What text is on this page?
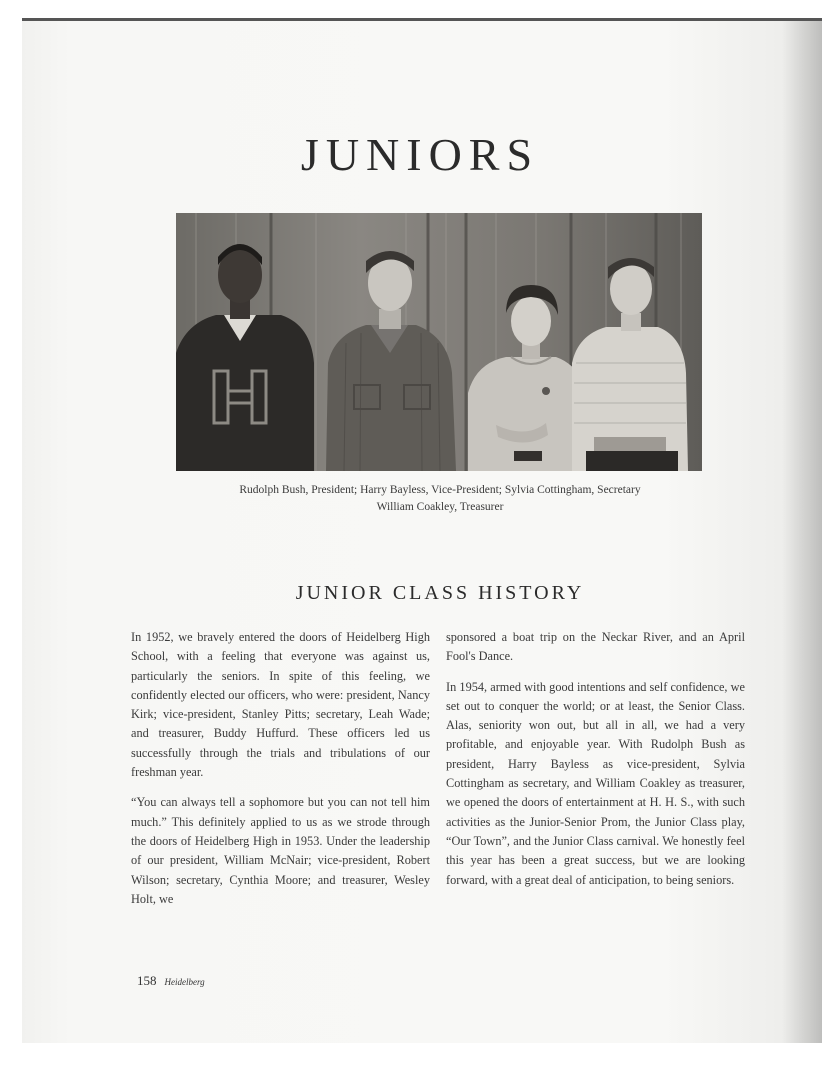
JUNIORS
Rudolph Bush, President; Harry Bayless, Vice-President; Sylvia Cottingham, Secretary
William Coakley, Treasurer
JUNIOR CLASS HISTORY

In 1952, we bravely entered the doors of Heidelberg High School, with a feeling that everyone was against us, particularly the seniors. In spite of this feeling, we confidently elected our officers, who were: president, Nancy Kirk; vice-president, Stanley Pitts; secretary, Leah Wade; and treasurer, Buddy Huffurd. These officers led us successfully through the trials and tribulations of our freshman year.

“You can always tell a sophomore but you can not tell him much.” This definitely applied to us as we strode through the doors of Heidelberg High in 1953. Under the leadership of our president, William McNair; vice-president, Robert Wilson; secretary, Cynthia Moore; and treasurer, Wesley Holt, we

sponsored a boat trip on the Neckar River, and an April Fool's Dance.

In 1954, armed with good intentions and self confidence, we set out to conquer the world; or at least, the Senior Class. Alas, seniority won out, but all in all, we had a very profitable, and enjoyable year. With Rudolph Bush as president, Harry Bayless as vice-president, Sylvia Cottingham as secretary, and William Coakley as treasurer, we opened the doors of entertainment at H. H. S., with such activities as the Junior-Senior Prom, the Junior Class play, “Our Town”, and the Junior Class carnival. We honestly feel this year has been a great success, but we are looking forward, with a great deal of anticipation, to being seniors.

158 Heidelberg
